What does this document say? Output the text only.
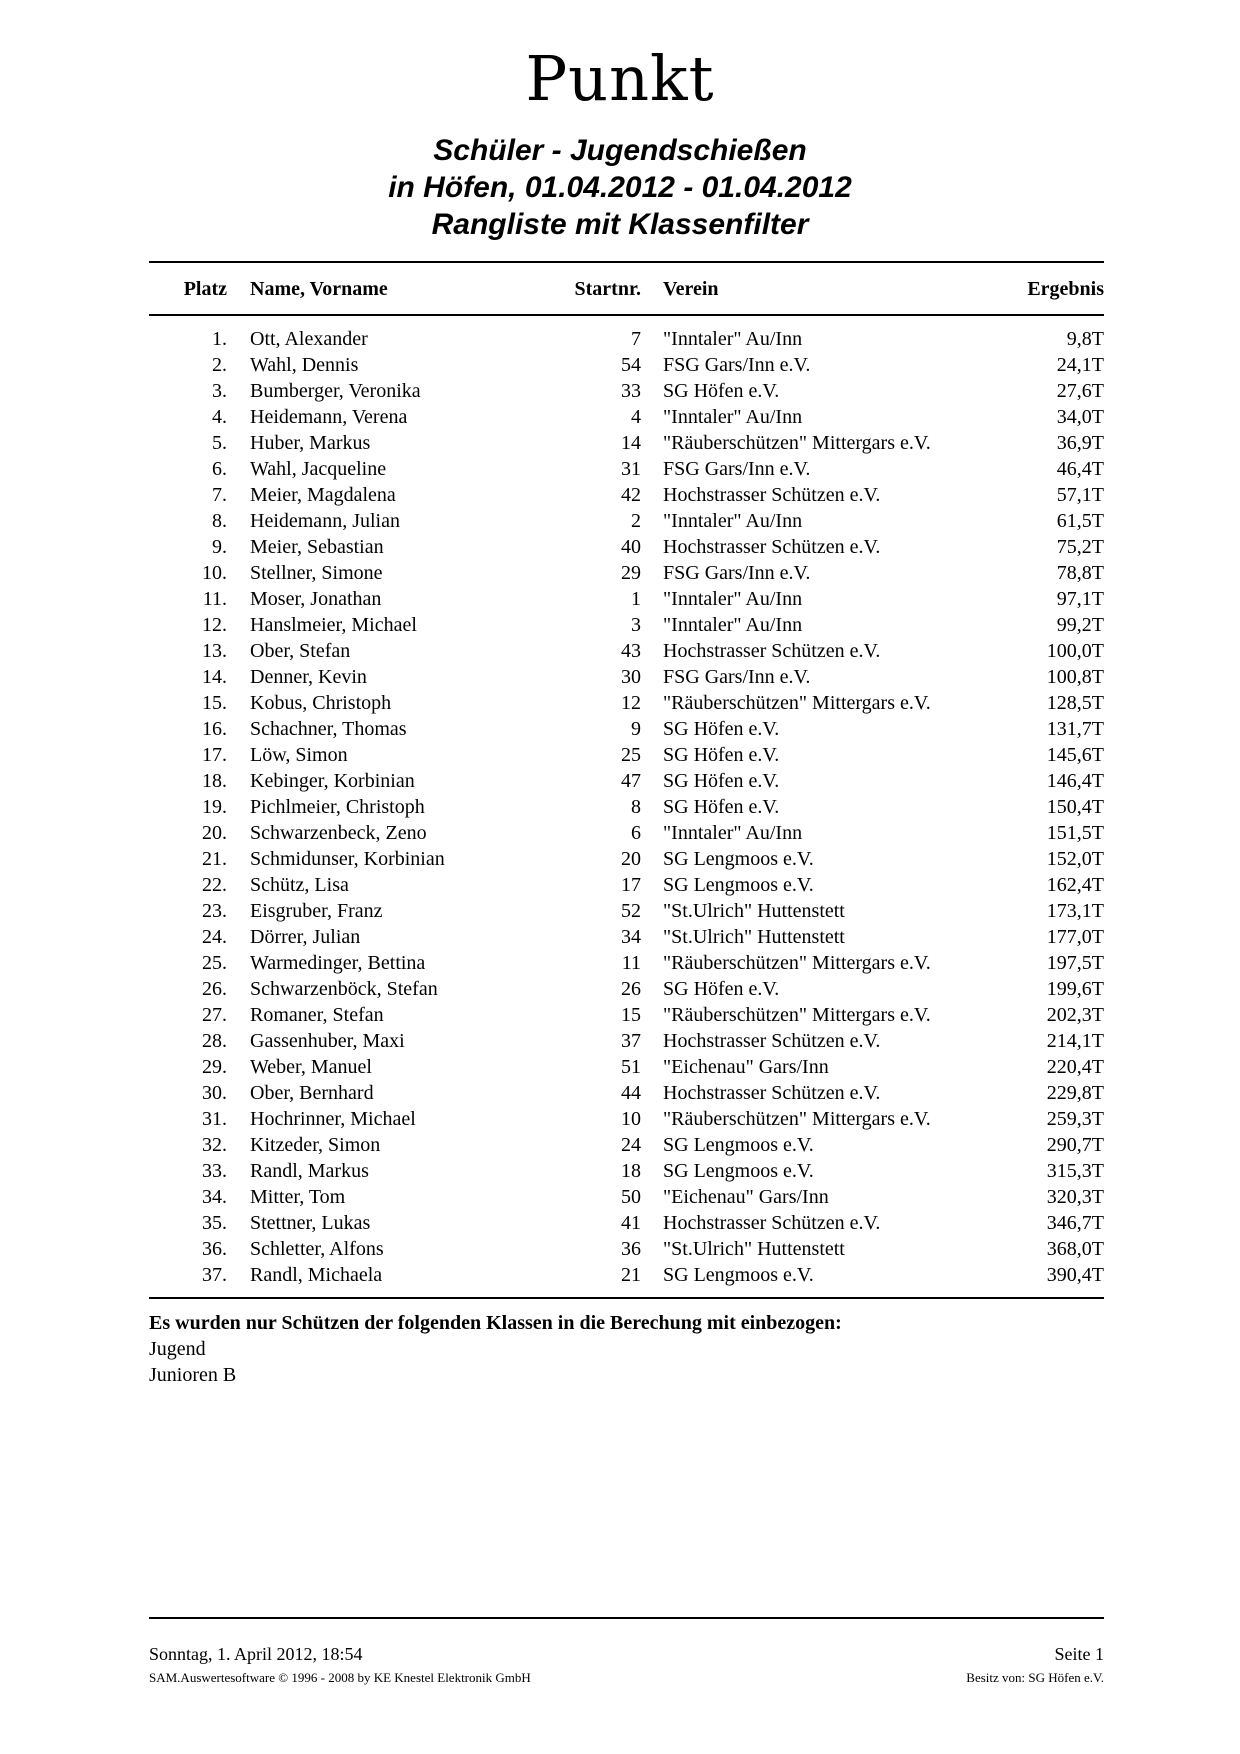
Punkt
Schüler - Jugendschießen
in Höfen, 01.04.2012 - 01.04.2012
Rangliste mit Klassenfilter
Platz Name, Vorname	Startnr. Verein	Ergebnis
1. Ott, Alexander	7 "Inntaler" Au/Inn	9,8T
2. Wahl, Dennis	54 FSG Gars/Inn e.V.	24,1T
3. Bumberger, Veronika	33 SG Höfen e.V.	27,6T
4. Heidemann, Verena	4 "Inntaler" Au/Inn	34,0T
5. Huber, Markus	14 "Räuberschützen" Mittergars e.V.	36,9T
6. Wahl, Jacqueline	31 FSG Gars/Inn e.V.	46,4T
7. Meier, Magdalena	42 Hochstrasser Schützen e.V.	57,1T
8. Heidemann, Julian	2 "Inntaler" Au/Inn	61,5T
9. Meier, Sebastian	40 Hochstrasser Schützen e.V.	75,2T
10. Stellner, Simone	29 FSG Gars/Inn e.V.	78,8T
11. Moser, Jonathan	1 "Inntaler" Au/Inn	97,1T
12. Hanslmeier, Michael	3 "Inntaler" Au/Inn	99,2T
13. Ober, Stefan	43 Hochstrasser Schützen e.V.	100,0T
14. Denner, Kevin	30 FSG Gars/Inn e.V.	100,8T
15. Kobus, Christoph	12 "Räuberschützen" Mittergars e.V.	128,5T
16. Schachner, Thomas	9 SG Höfen e.V.	131,7T
17. Löw, Simon	25 SG Höfen e.V.	145,6T
18. Kebinger, Korbinian	47 SG Höfen e.V.	146,4T
19. Pichlmeier, Christoph	8 SG Höfen e.V.	150,4T
20. Schwarzenbeck, Zeno	6 "Inntaler" Au/Inn	151,5T
21. Schmidunser, Korbinian	20 SG Lengmoos e.V.	152,0T
22. Schütz, Lisa	17 SG Lengmoos e.V.	162,4T
23. Eisgruber, Franz	52 "St.Ulrich" Huttenstett	173,1T
24. Dörrer, Julian	34 "St.Ulrich" Huttenstett	177,0T
25. Warmedinger, Bettina	11 "Räuberschützen" Mittergars e.V.	197,5T
26. Schwarzenböck, Stefan	26 SG Höfen e.V.	199,6T
27. Romaner, Stefan	15 "Räuberschützen" Mittergars e.V.	202,3T
28. Gassenhuber, Maxi	37 Hochstrasser Schützen e.V.	214,1T
29. Weber, Manuel	51 "Eichenau" Gars/Inn	220,4T
30. Ober, Bernhard	44 Hochstrasser Schützen e.V.	229,8T
31. Hochrinner, Michael	10 "Räuberschützen" Mittergars e.V.	259,3T
32. Kitzeder, Simon	24 SG Lengmoos e.V.	290,7T
33. Randl, Markus	18 SG Lengmoos e.V.	315,3T
34. Mitter, Tom	50 "Eichenau" Gars/Inn	320,3T
35. Stettner, Lukas	41 Hochstrasser Schützen e.V.	346,7T
36. Schletter, Alfons	36 "St.Ulrich" Huttenstett	368,0T
37. Randl, Michaela	21 SG Lengmoos e.V.	390,4T
Es wurden nur Schützen der folgenden Klassen in die Berechung mit einbezogen:
Jugend
Junioren B
Sonntag, 1. April 2012, 18:54	Seite 1
SAM.Auswertesoftware © 1996 - 2008 by KE Knestel Elektronik GmbH	Besitz von: SG Höfen e.V.
